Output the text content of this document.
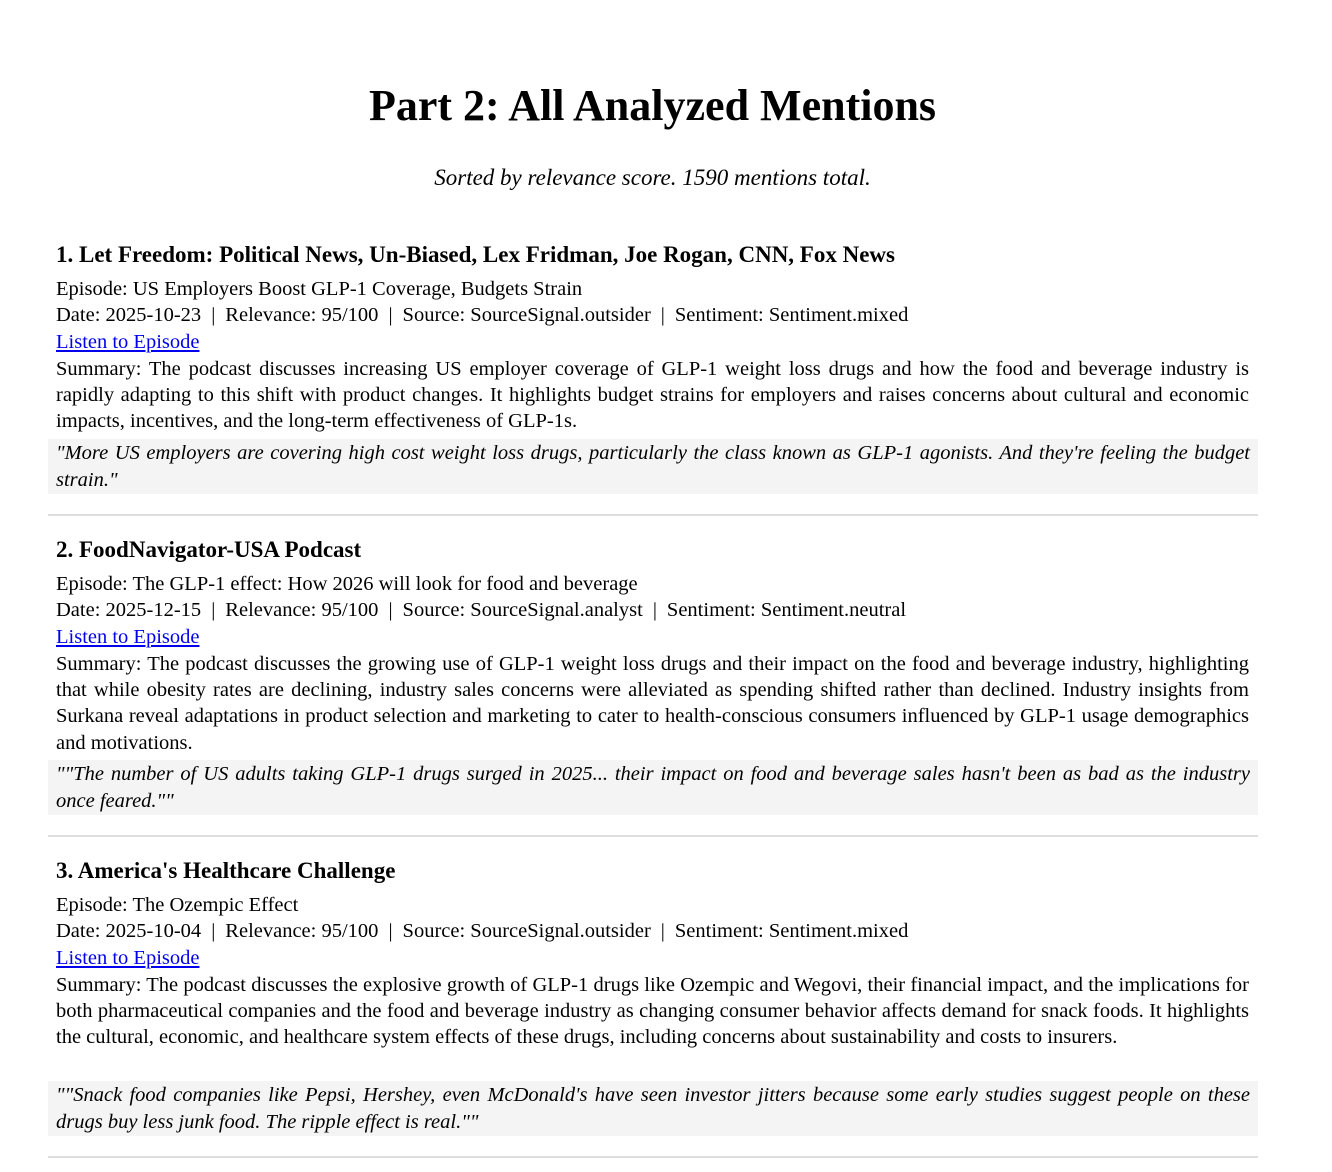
Part 2: All Analyzed Mentions

Sorted by relevance score. 1590 mentions total.

1. Let Freedom: Political News, Un-Biased, Lex Fridman, Joe Rogan, CNN, Fox News
Episode: US Employers Boost GLP-1 Coverage, Budgets Strain
Date: 2025-10-23 | Relevance: 95/100 | Source: SourceSignal.outsider | Sentiment: Sentiment.mixed
Listen to Episode

Summary: The podcast discusses increasing US employer coverage of GLP-1 weight loss drugs and how the food and beverage industry is rapidly adapting to this shift with product changes. It highlights budget strains for employers and raises concerns about cultural and economic impacts, incentives, and the long-term effectiveness of GLP-1s.

"More US employers are covering high cost weight loss drugs, particularly the class known as GLP-1 agonists. And they're feeling the budget strain."

2. FoodNavigator-USA Podcast
Episode: The GLP-1 effect: How 2026 will look for food and beverage
Date: 2025-12-15 | Relevance: 95/100 | Source: SourceSignal.analyst | Sentiment: Sentiment.neutral
Listen to Episode

Summary: The podcast discusses the growing use of GLP-1 weight loss drugs and their impact on the food and beverage industry, highlighting that while obesity rates are declining, industry sales concerns were alleviated as spending shifted rather than declined. Industry insights from Surkana reveal adaptations in product selection and marketing to cater to health-conscious consumers influenced by GLP-1 usage demographics and motivations.

""The number of US adults taking GLP-1 drugs surged in 2025... their impact on food and beverage sales hasn't been as bad as the industry once feared.""

3. America's Healthcare Challenge
Episode: The Ozempic Effect
Date: 2025-10-04 | Relevance: 95/100 | Source: SourceSignal.outsider | Sentiment: Sentiment.mixed
Listen to Episode

Summary: The podcast discusses the explosive growth of GLP-1 drugs like Ozempic and Wegovi, their financial impact, and the implications for both pharmaceutical companies and the food and beverage industry as changing consumer behavior affects demand for snack foods. It highlights the cultural, economic, and healthcare system effects of these drugs, including concerns about sustainability and costs to insurers.

""Snack food companies like Pepsi, Hershey, even McDonald's have seen investor jitters because some early studies suggest people on these drugs buy less junk food. The ripple effect is real.""
